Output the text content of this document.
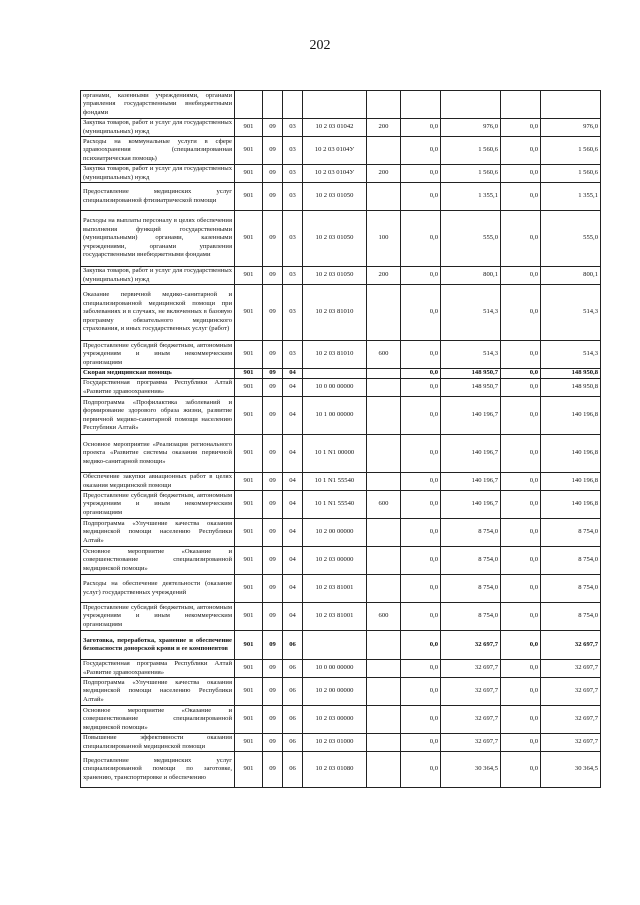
202
органами, казенными учреждениями, органами управления государственными внебюджетными фондами									
Закупка товаров, работ и услуг для государственных (муниципальных) нужд	901	09	03	10 2 03 01042	200	0,0	976,0	0,0	976,0
Расходы на коммунальные услуги в сфере здравоохранения (специализированная психиатрическая помощь)	901	09	03	10 2 03 0104У		0,0	1 560,6	0,0	1 560,6
Закупка товаров, работ и услуг для государственных (муниципальных) нужд	901	09	03	10 2 03 0104У	200	0,0	1 560,6	0,0	1 560,6
Предоставление медицинских услуг специализированной фтизиатрической помощи	901	09	03	10 2 03 01050		0,0	1 355,1	0,0	1 355,1
Расходы на выплаты персоналу в целях обеспечения выполнения функций государственными (муниципальными) органами, казенными учреждениями, органами управления государственными внебюджетными фондами	901	09	03	10 2 03 01050	100	0,0	555,0	0,0	555,0
Закупка товаров, работ и услуг для государственных (муниципальных) нужд	901	09	03	10 2 03 01050	200	0,0	800,1	0,0	800,1
Оказание первичной медико-санитарной и специализированной медицинской помощи при заболеваниях и в случаях, не включенных в базовую программу обязательного медицинского страхования, и иных государственных услуг (работ)	901	09	03	10 2 03 81010		0,0	514,3	0,0	514,3
Предоставление субсидий бюджетным, автономным учреждениям и иным некоммерческим организациям	901	09	03	10 2 03 81010	600	0,0	514,3	0,0	514,3
Скорая медицинская помощь	901	09	04			0,0	148 950,7	0,0	148 950,8
Государственная программа Республики Алтай «Развитие здравоохранения»	901	09	04	10 0 00 00000		0,0	148 950,7	0,0	148 950,8
Подпрограмма «Профилактика заболеваний и формирование здорового образа жизни, развитие первичной медико-санитарной помощи населению Республики Алтай»	901	09	04	10 1 00 00000		0,0	140 196,7	0,0	140 196,8
Основное мероприятие «Реализация регионального проекта «Развитие системы оказания первичной медико-санитарной помощи»	901	09	04	10 1 N1 00000		0,0	140 196,7	0,0	140 196,8
Обеспечение закупки авиационных работ в целях оказания медицинской помощи	901	09	04	10 1 N1 55540		0,0	140 196,7	0,0	140 196,8
Предоставление субсидий бюджетным, автономным учреждениям и иным некоммерческим организациям	901	09	04	10 1 N1 55540	600	0,0	140 196,7	0,0	140 196,8
Подпрограмма «Улучшение качества оказания медицинской помощи населению Республики Алтай»	901	09	04	10 2 00 00000		0,0	8 754,0	0,0	8 754,0
Основное мероприятие «Оказание и совершенствование специализированной медицинской помощи»	901	09	04	10 2 03 00000		0,0	8 754,0	0,0	8 754,0
Расходы на обеспечение деятельности (оказание услуг) государственных учреждений	901	09	04	10 2 03 81001		0,0	8 754,0	0,0	8 754,0
Предоставление субсидий бюджетным, автономным учреждениям и иным некоммерческим организациям	901	09	04	10 2 03 81001	600	0,0	8 754,0	0,0	8 754,0
Заготовка, переработка, хранение и обеспечение безопасности донорской крови и ее компонентов	901	09	06			0,0	32 697,7	0,0	32 697,7
Государственная программа Республики Алтай «Развитие здравоохранения»	901	09	06	10 0 00 00000		0,0	32 697,7	0,0	32 697,7
Подпрограмма «Улучшение качества оказания медицинской помощи населению Республики Алтай»	901	09	06	10 2 00 00000		0,0	32 697,7	0,0	32 697,7
Основное мероприятие «Оказание и совершенствование специализированной медицинской помощи»	901	09	06	10 2 03 00000		0,0	32 697,7	0,0	32 697,7
Повышение эффективности оказания специализированной медицинской помощи	901	09	06	10 2 03 01000		0,0	32 697,7	0,0	32 697,7
Предоставление медицинских услуг специализированной помощи по заготовке, хранению, транспортировке и обеспечению	901	09	06	10 2 03 01080		0,0	30 364,5	0,0	30 364,5
